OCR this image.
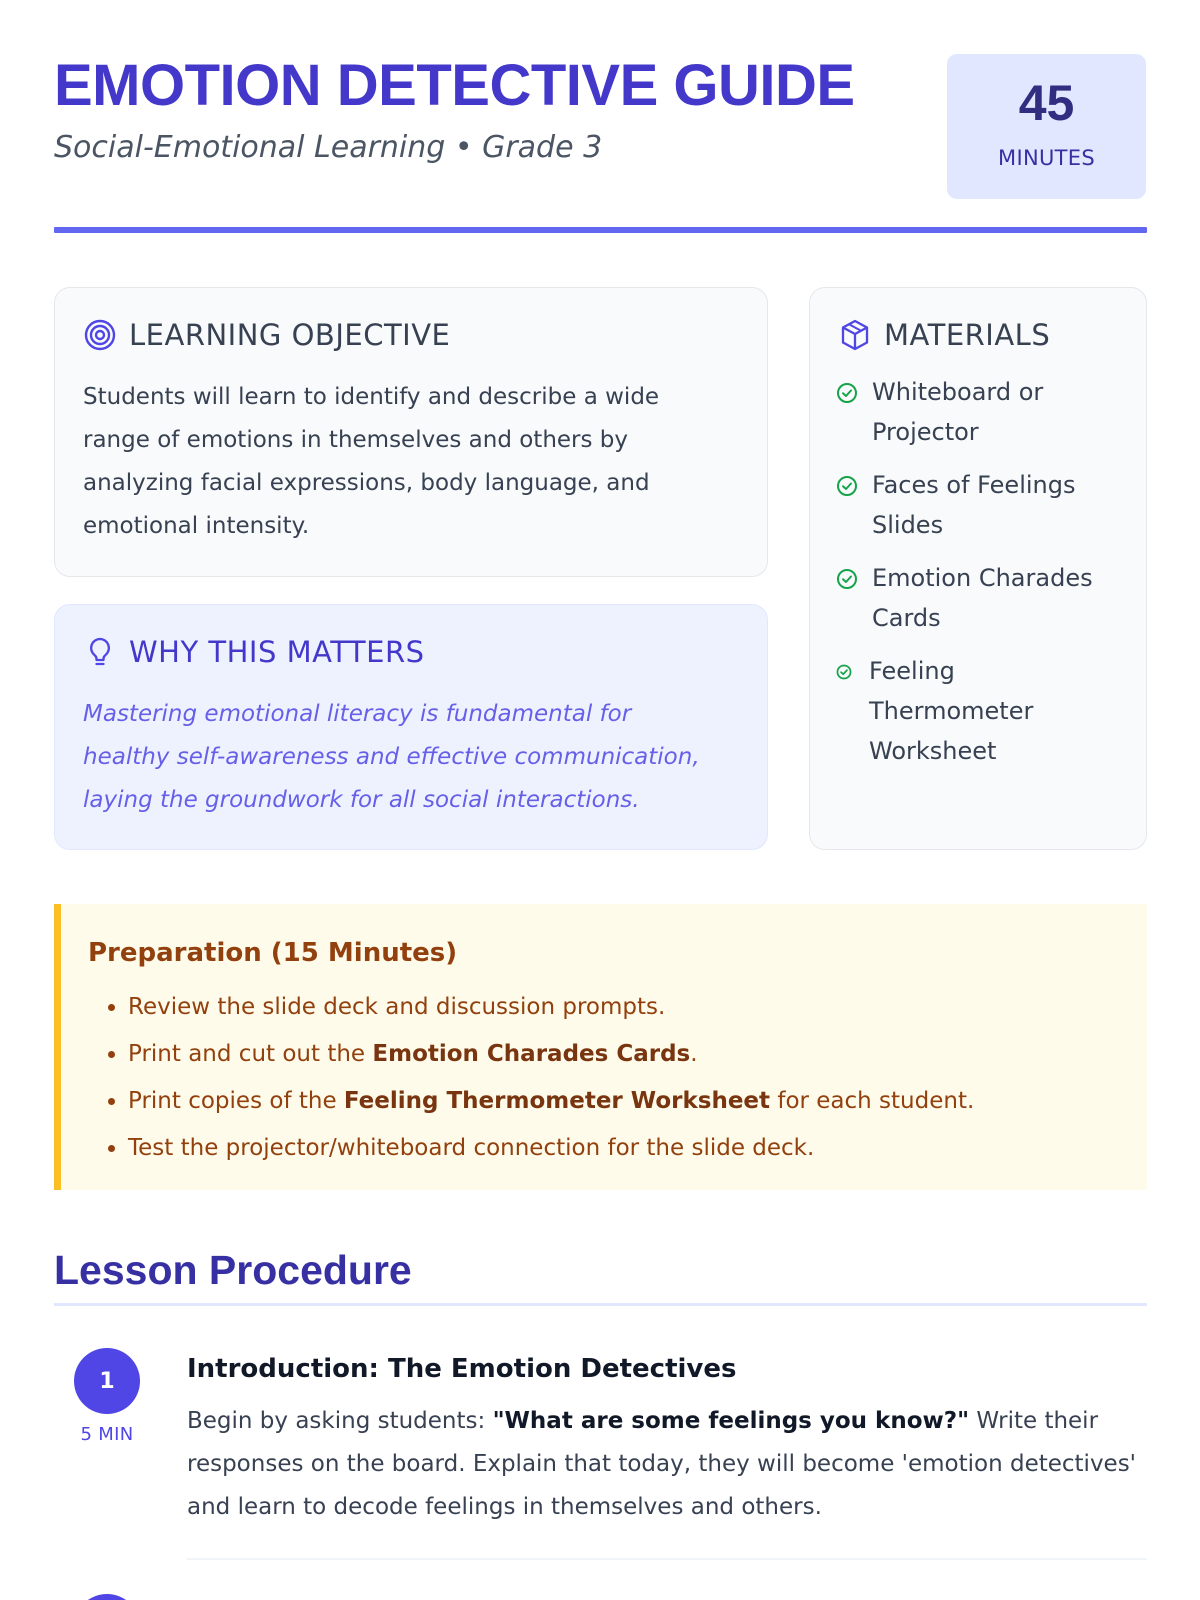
EMOTION DETECTIVE GUIDE
Social-Emotional Learning • Grade 3
45
MINUTES
LEARNING OBJECTIVE

Students will learn to identify and describe a wide range of emotions in themselves and others by analyzing facial expressions, body language, and emotional intensity.

WHY THIS MATTERS

Mastering emotional literacy is fundamental for healthy self-awareness and effective communication, laying the groundwork for all social interactions.

MATERIALS
Whiteboard or Projector
Faces of Feelings Slides
Emotion Charades Cards
Feeling Thermometer Worksheet
Preparation (15 Minutes)
• Review the slide deck and discussion prompts.
• Print and cut out the Emotion Charades Cards.
• Print copies of the Feeling Thermometer Worksheet for each student.
• Test the projector/whiteboard connection for the slide deck.
Lesson Procedure
1
5 MIN
Introduction: The Emotion Detectives

Begin by asking students: "What are some feelings you know?" Write their responses on the board. Explain that today, they will become 'emotion detectives' and learn to decode feelings in themselves and others.
